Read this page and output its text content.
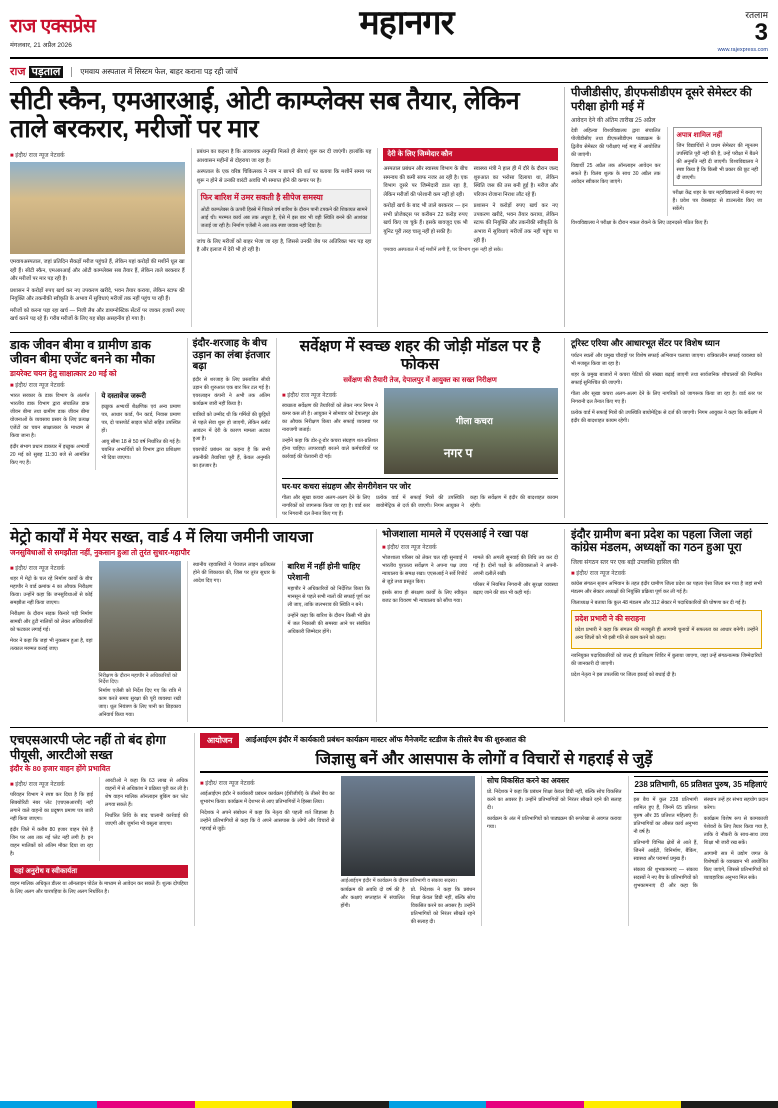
राज एक्सप्रेस
मंगलवार, 21 अप्रैल 2026
महानगर	रतलाम
3
www.rajexpress.com
राज पड़ताल	एमवाय अस्पताल में सिस्टम फेल, बाहर कराना पड़ रही जांचें
सीटी स्कैन, एमआरआई, ओटी काम्प्लेक्स सब तैयार, लेकिन ताले बरकरार, मरीजों पर मार
■ इंदौर/ राज न्यूज नेटवर्क

एमवायअस्पताल, जहां प्रतिदिन सैकड़ों मरीज पहुंचते हैं, लेकिन यहां करोड़ों की मशीनें धूल खा रही हैं। सीटी स्कैन, एमआरआई और ओटी काम्प्लेक्स सब तैयार हैं, लेकिन ताले बरकरार हैं और मरीजों पर मार पड़ रही है।

प्रशासन ने करोड़ों रुपए खर्च कर नए उपकरण खरीदे, भवन तैयार कराया, लेकिन स्टाफ की नियुक्ति और तकनीकी स्वीकृति के अभाव में सुविधाएं मरीजों तक नहीं पहुंच पा रही हैं।

मरीजों को करना पड़ा रहा खर्च — निजी लैब और डायग्नोस्टिक सेंटरों पर जाकर हजारों रुपए खर्च करने पड़ रहे हैं। गरीब मरीजों के लिए यह बोझ असहनीय हो गया है।

प्रबंधन का कहना है कि आवश्यक अनुमति मिलते ही सेवाएं शुरू कर दी जाएंगी। हालांकि यह आश्वासन महीनों से दोहराया जा रहा है।

अस्पताल के एक वरिष्ठ चिकित्सक ने नाम न छापने की शर्त पर बताया कि मशीनें समय पर शुरू न होने से उनकी वारंटी अवधि भी समाप्त होने की कगार पर है।

फिर बारिश में उमर सकती है सीपेज समस्या
ओटी काम्प्लेक्स के ऊपरी हिस्से में पिछले वर्ष बारिश के दौरान पानी टपकने की शिकायत सामने आई थी। मरम्मत कार्य अब तक अधूरा है, ऐसे में इस बार भी वही स्थिति बनने की आशंका जताई जा रही है। निर्माण एजेंसी ने अब तक स्पष्ट जवाब नहीं दिया है।

जांच के लिए मरीजों को बाहर भेजा जा रहा है, जिससे उनकी जेब पर अतिरिक्त भार पड़ रहा है और इलाज में देरी भी हो रही है।

देरी के लिए जिम्मेदार कौन

अस्पताल प्रबंधन और स्वास्थ्य विभाग के बीच समन्वय की कमी साफ नजर आ रही है। एक विभाग दूसरे पर जिम्मेदारी डाल रहा है, लेकिन मरीजों की परेशानी कम नहीं हो रही।

करोड़ों खर्च के बाद भी ताले बरकरार — इन सभी प्रोजेक्ट्स पर करीबन 22 करोड़ रुपए खर्च किए जा चुके हैं। इसके बावजूद एक भी यूनिट पूरी तरह चालू नहीं हो सकी है।

स्वास्थ्य मंत्री ने हाल ही में दौरे के दौरान जल्द शुरुआत का भरोसा दिलाया था, लेकिन स्थिति जस की तस बनी हुई है। मरीज और परिजन रोजाना निराश लौट रहे हैं।

प्रशासन ने करोड़ों रुपए खर्च कर नए उपकरण खरीदे, भवन तैयार कराया, लेकिन स्टाफ की नियुक्ति और तकनीकी स्वीकृति के अभाव में सुविधाएं मरीजों तक नहीं पहुंच पा रही हैं।

एमवाय अस्पताल में नई मशीनें लगी हैं, पर विभाग शुरू नहीं हो सके।
पीजीडीसीए, डीएफसीडीएम दूसरे सेमेस्टर की परीक्षा होगी मई में
आवेदन देने की अंतिम तारीख 25 अप्रैल

देवी अहिल्या विश्वविद्यालय द्वारा संचालित पीजीडीसीए तथा डीएफसीडीएम पाठ्यक्रम के द्वितीय सेमेस्टर की परीक्षाएं मई माह में आयोजित की जाएंगी।

विद्यार्थी 25 अप्रैल तक ऑनलाइन आवेदन कर सकते हैं। विलंब शुल्क के साथ 30 अप्रैल तक आवेदन स्वीकार किए जाएंगे।

अपात्र शामिल नहीं
जिन विद्यार्थियों ने प्रथम सेमेस्टर की न्यूनतम उपस्थिति पूरी नहीं की है, उन्हें परीक्षा में बैठने की अनुमति नहीं दी जाएगी। विश्वविद्यालय ने स्पष्ट किया है कि किसी भी प्रकार की छूट नहीं दी जाएगी।

परीक्षा केंद्र शहर के चार महाविद्यालयों में बनाए गए हैं। प्रवेश पत्र वेबसाइट से डाउनलोड किए जा सकेंगे।

विश्वविद्यालय ने परीक्षा के दौरान नकल रोकने के लिए उड़नदस्ते गठित किए हैं।

डाक जीवन बीमा व ग्रामीण डाक जीवन बीमा एजेंट बनने का मौका
डायरेक्ट चयन हेतु साक्षात्कार 20 मई को
■ इंदौर/ राज न्यूज नेटवर्क

भारत सरकार के डाक विभाग के अंतर्गत भारतीय डाक विभाग द्वारा संचालित डाक जीवन बीमा तथा ग्रामीण डाक जीवन बीमा योजनाओं के व्यवसाय प्रसार के लिए प्रत्यक्ष एजेंटों का चयन साक्षात्कार के माध्यम से किया जाना है।

इंदौर संभाग प्रधान डाकघर में इच्छुक अभ्यर्थी 20 मई को सुबह 11:30 बजे से आमंत्रित किए गए हैं।

ये दस्तावेज जरूरी

इच्छुक अभ्यर्थी शैक्षणिक एवं अन्य प्रमाण पत्र, आधार कार्ड, पैन कार्ड, निवास प्रमाण पत्र, दो पासपोर्ट साइज फोटो सहित उपस्थित हों।

आयु सीमा 18 से 50 वर्ष निर्धारित की गई है। चयनित अभ्यर्थियों को विभाग द्वारा प्रशिक्षण भी दिया जाएगा।

इंदौर-शरजाह के बीच उड़ान का लंबा इंतजार बढ़ा

इंदौर से शरजाह के लिए प्रस्तावित सीधी उड़ान की शुरुआत एक बार फिर टल गई है। एयरलाइन कंपनी ने अभी तक अंतिम कार्यक्रम जारी नहीं किया है।

यात्रियों को उम्मीद थी कि गर्मियों की छुट्टियों से पहले सेवा शुरू हो जाएगी, लेकिन स्लॉट आवंटन में देरी के कारण मामला अटका हुआ है।

एयरपोर्ट प्रबंधन का कहना है कि सभी तकनीकी तैयारियां पूरी हैं, केवल अनुमति का इंतजार है।

सर्वेक्षण में स्वच्छ शहर की जोड़ी मॉडल पर है फोकस
सर्वेक्षण की तैयारी तेज, देपालपुर में आयुक्त का सख्त निरीक्षण
■ इंदौर/ राज न्यूज नेटवर्क

स्वच्छता सर्वेक्षण की तैयारियों को लेकर नगर निगम ने कमर कस ली है। आयुक्त ने सोमवार को देपालपुर क्षेत्र का औचक निरीक्षण किया और सफाई व्यवस्था पर नाराजगी जताई।

उन्होंने कहा कि डोर-टू-डोर कचरा संग्रहण शत-प्रतिशत होना चाहिए। लापरवाही बरतने वाले कर्मचारियों पर कार्रवाई की चेतावनी दी गई।

गीला कचरा
नगर प
घर-घर कचरा संग्रहण और सेगरीगेशन पर जोर

गीला और सूखा कचरा अलग-अलग देने के लिए नागरिकों को जागरूक किया जा रहा है। वार्ड स्तर पर निगरानी दल तैनात किए गए हैं।

प्रत्येक वार्ड में सफाई मित्रों की उपस्थिति बायोमेट्रिक से दर्ज की जाएगी। निगम आयुक्त ने कहा कि सर्वेक्षण में इंदौर की बादशाहत कायम रहेगी।

टूरिस्ट एरिया और आधारभूत सेंटर पर विशेष ध्यान

पर्यटन स्थलों और प्रमुख चौराहों पर विशेष सफाई अभियान चलाया जाएगा। रात्रिकालीन सफाई व्यवस्था को भी मजबूत किया जा रहा है।

शहर के प्रमुख बाजारों में कचरा पेटियों की संख्या बढ़ाई जाएगी तथा सार्वजनिक शौचालयों की नियमित सफाई सुनिश्चित की जाएगी।

गीला और सूखा कचरा अलग-अलग देने के लिए नागरिकों को जागरूक किया जा रहा है। वार्ड स्तर पर निगरानी दल तैनात किए गए हैं।

प्रत्येक वार्ड में सफाई मित्रों की उपस्थिति बायोमेट्रिक से दर्ज की जाएगी। निगम आयुक्त ने कहा कि सर्वेक्षण में इंदौर की बादशाहत कायम रहेगी।

मेट्रो कार्यों में मेयर सख्त, वार्ड 4 में लिया जमीनी जायजा
जनसुविधाओं से समझौता नहीं, नुकसान हुआ तो तुरंत सुधार-महापौर
■ इंदौर/ राज न्यूज नेटवर्क

शहर में मेट्रो के चल रहे निर्माण कार्यों के बीच महापौर ने वार्ड क्रमांक 4 का औचक निरीक्षण किया। उन्होंने कहा कि जनसुविधाओं से कोई समझौता नहीं किया जाएगा।

निरीक्षण के दौरान सड़क किनारे पड़ी निर्माण सामग्री और टूटी नालियों को लेकर अधिकारियों को फटकार लगाई गई।

मेयर ने कहा कि जहां भी नुकसान हुआ है, वहां तत्काल मरम्मत कराई जाए।

निरीक्षण के दौरान महापौर ने अधिकारियों को निर्देश दिए।

निर्माण एजेंसी को निर्देश दिए गए कि रात्रि में काम करते समय सुरक्षा की पूरी व्यवस्था रखी जाए। धूल नियंत्रण के लिए पानी का छिड़काव अनिवार्य किया गया।

स्थानीय रहवासियों ने पेयजल लाइन क्षतिग्रस्त होने की शिकायत की, जिस पर तुरंत सुधार के आदेश दिए गए।

बारिश में नहीं होनी चाहिए परेशानी

महापौर ने अधिकारियों को निर्देशित किया कि मानसून से पहले सभी नालों की सफाई पूर्ण कर ली जाए, ताकि जलभराव की स्थिति न बने।

उन्होंने कहा कि बारिश के दौरान किसी भी क्षेत्र में जल निकासी की समस्या आने पर संबंधित अधिकारी जिम्मेदार होंगे।

भोजशाला मामले में एएसआई ने रखा पक्ष
■ इंदौर/ राज न्यूज नेटवर्क

भोजशाला परिसर को लेकर चल रही सुनवाई में भारतीय पुरातत्व सर्वेक्षण ने अपना पक्ष उच्च न्यायालय के समक्ष रखा। एएसआई ने सर्वे रिपोर्ट से जुड़े तथ्य प्रस्तुत किए।

इसके साथ ही संरक्षण कार्यों के लिए स्वीकृत बजट का विवरण भी न्यायालय को सौंपा गया।

मामले की अगली सुनवाई की तिथि तय कर दी गई है। दोनों पक्षों के अधिवक्ताओं ने अपनी-अपनी दलीलें रखीं।

परिसर में नियमित निगरानी और सुरक्षा व्यवस्था बढ़ाए जाने की बात भी कही गई।

इंदौर ग्रामीण बना प्रदेश का पहला जिला जहां कांग्रेस मंडलम, अध्यक्षों का गठन हुआ पूरा
जिला संगठन स्तर पर एक बड़ी उपलब्धि हासिल की
■ इंदौर/ राज न्यूज नेटवर्क

कांग्रेस संगठन सृजन अभियान के तहत इंदौर ग्रामीण जिला प्रदेश का पहला ऐसा जिला बन गया है जहां सभी मंडलम और सेक्टर अध्यक्षों की नियुक्ति प्रक्रिया पूर्ण कर ली गई है।

जिलाध्यक्ष ने बताया कि कुल 48 मंडलम और 312 सेक्टर में पदाधिकारियों की घोषणा कर दी गई है।

प्रदेश प्रभारी ने की सराहना

प्रदेश प्रभारी ने कहा कि संगठन की मजबूती ही आगामी चुनावों में सफलता का आधार बनेगी। उन्होंने अन्य जिलों को भी इसी गति से काम करने को कहा।

नवनियुक्त पदाधिकारियों को जल्द ही प्रशिक्षण शिविर में बुलाया जाएगा, जहां उन्हें संगठनात्मक जिम्मेदारियों की जानकारी दी जाएगी।

प्रदेश नेतृत्व ने इस उपलब्धि पर जिला इकाई को बधाई दी है।

एचएसआरपी प्लेट नहीं तो बंद होगा पीयूसी, आरटीओ सख्त
इंदौर के 80 हजार वाहन होंगे प्रभावित
■ इंदौर/ राज न्यूज नेटवर्क

परिवहन विभाग ने स्पष्ट कर दिया है कि हाई सिक्योरिटी नंबर प्लेट (एचएसआरपी) नहीं लगाने वाले वाहनों का प्रदूषण प्रमाण पत्र जारी नहीं किया जाएगा।

इंदौर जिले में करीब 80 हजार वाहन ऐसे हैं जिन पर अब तक नई प्लेट नहीं लगी है। इन वाहन मालिकों को अंतिम मौका दिया जा रहा है।

आरटीओ ने कहा कि 63 लाख से अधिक वाहनों में से अधिकांश ने प्रक्रिया पूरी कर ली है। शेष वाहन मालिक ऑनलाइन बुकिंग कर प्लेट लगवा सकते हैं।

निर्धारित तिथि के बाद चालानी कार्रवाई की जाएगी और जुर्माना भी वसूला जाएगा।

यहां अनुरोध व स्वीकार्यता
वाहन मालिक अधिकृत डीलर या ऑनलाइन पोर्टल के माध्यम से आवेदन कर सकते हैं। शुल्क दोपहिया के लिए अलग और चारपहिया के लिए अलग निर्धारित है।
आयोजन	आईआईएम इंदौर में कार्यकारी प्रबंधन कार्यक्रम मास्टर ऑफ मैनेजमेंट स्टडीज के तीसरे बैच की शुरुआत की
जिज्ञासु बनें और आसपास के लोगों व विचारों से गहराई से जुड़ें
■ इंदौर/ राज न्यूज नेटवर्क

आईआईएम इंदौर ने कार्यकारी प्रबंधन कार्यक्रम (ईपीजीपी) के तीसरे बैच का शुभारंभ किया। कार्यक्रम में देशभर से आए प्रतिभागियों ने हिस्सा लिया।

निदेशक ने अपने संबोधन में कहा कि नेतृत्व की पहली शर्त जिज्ञासा है। उन्होंने प्रतिभागियों से कहा कि वे अपने आसपास के लोगों और विचारों से गहराई से जुड़ें।

आईआईएम इंदौर में कार्यक्रम के दौरान प्रतिभागी व संकाय सदस्य।

कार्यक्रम की अवधि दो वर्ष की है और कक्षाएं सप्ताहांत में संचालित होंगी।

प्रो. निदेशक ने कहा कि प्रबंधन शिक्षा केवल डिग्री नहीं, बल्कि सोच विकसित करने का अवसर है। उन्होंने प्रतिभागियों को निरंतर सीखते रहने की सलाह दी।

सोच विकसित करने का अवसर

प्रो. निदेशक ने कहा कि प्रबंधन शिक्षा केवल डिग्री नहीं, बल्कि सोच विकसित करने का अवसर है। उन्होंने प्रतिभागियों को निरंतर सीखते रहने की सलाह दी।

कार्यक्रम के अंत में प्रतिभागियों को पाठ्यक्रम की रूपरेखा से अवगत कराया गया।

238 प्रतिभागी, 65 प्रतिशत पुरुष, 35 महिलाएं

इस बैच में कुल 238 प्रतिभागी शामिल हुए हैं, जिनमें 65 प्रतिशत पुरुष और 35 प्रतिशत महिलाएं हैं। प्रतिभागियों का औसत कार्य अनुभव नौ वर्ष है।

प्रतिभागी विभिन्न क्षेत्रों से आते हैं, जिनमें आईटी, विनिर्माण, बैंकिंग, स्वास्थ्य और परामर्श प्रमुख हैं।

संकाय की शुभकामनाएं — संकाय सदस्यों ने नए बैच के प्रतिभागियों को शुभकामनाएं दीं और कहा कि संस्थान उन्हें हर संभव सहयोग प्रदान करेगा।

कार्यक्रम विशेष रूप से कामकाजी पेशेवरों के लिए तैयार किया गया है, ताकि वे नौकरी के साथ-साथ उच्च शिक्षा भी जारी रख सकें।

आगामी सत्र में उद्योग जगत के विशेषज्ञों के व्याख्यान भी आयोजित किए जाएंगे, जिससे प्रतिभागियों को व्यावहारिक अनुभव मिल सके।
